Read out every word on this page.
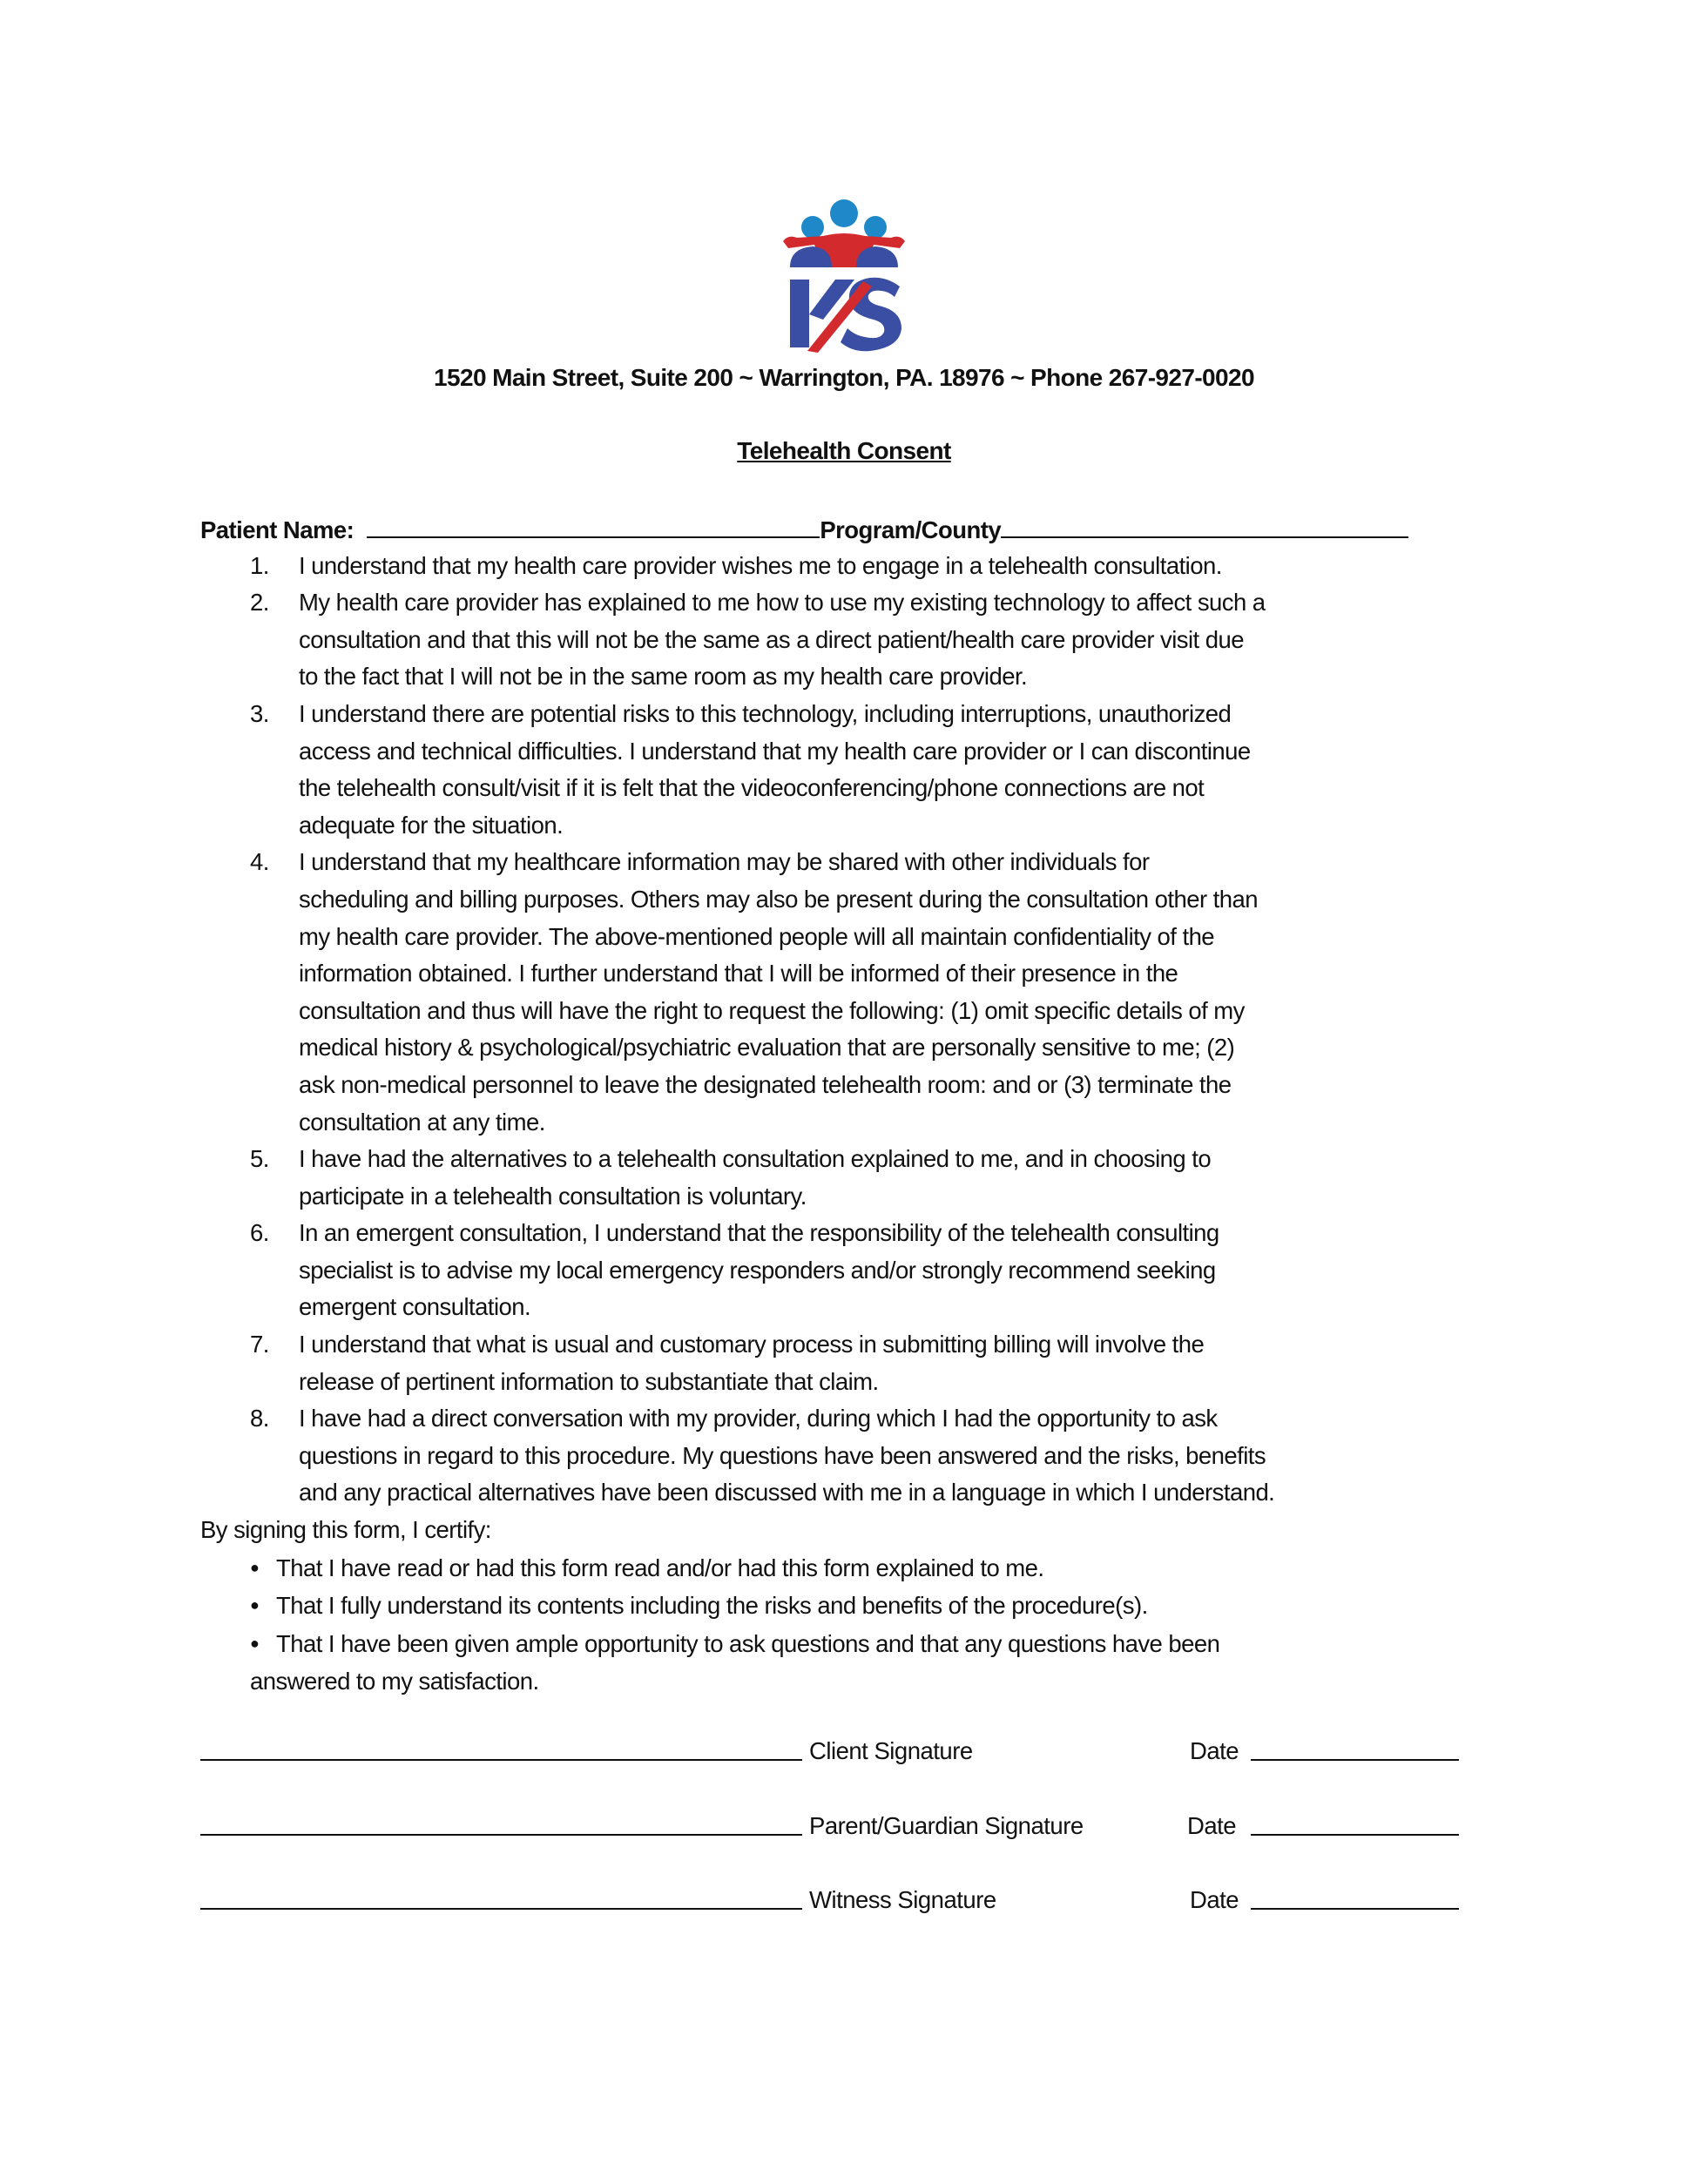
KS
1520 Main Street, Suite 200 ~ Warrington, PA. 18976 ~ Phone 267-927-0020
Telehealth Consent
Patient Name:	Program/County
1. I understand that my health care provider wishes me to engage in a telehealth consultation.
2. My health care provider has explained to me how to use my existing technology to affect such a
consultation and that this will not be the same as a direct patient/health care provider visit due
to the fact that I will not be in the same room as my health care provider.
3. I understand there are potential risks to this technology, including interruptions, unauthorized
access and technical difficulties. I understand that my health care provider or I can discontinue
the telehealth consult/visit if it is felt that the videoconferencing/phone connections are not
adequate for the situation.
4. I understand that my healthcare information may be shared with other individuals for
scheduling and billing purposes. Others may also be present during the consultation other than
my health care provider. The above-mentioned people will all maintain confidentiality of the
information obtained. I further understand that I will be informed of their presence in the
consultation and thus will have the right to request the following: (1) omit specific details of my
medical history & psychological/psychiatric evaluation that are personally sensitive to me; (2)
ask non-medical personnel to leave the designated telehealth room: and or (3) terminate the
consultation at any time.
5. I have had the alternatives to a telehealth consultation explained to me, and in choosing to
participate in a telehealth consultation is voluntary.
6. In an emergent consultation, I understand that the responsibility of the telehealth consulting
specialist is to advise my local emergency responders and/or strongly recommend seeking
emergent consultation.
7. I understand that what is usual and customary process in submitting billing will involve the
release of pertinent information to substantiate that claim.
8. I have had a direct conversation with my provider, during which I had the opportunity to ask
questions in regard to this procedure. My questions have been answered and the risks, benefits
and any practical alternatives have been discussed with me in a language in which I understand.
By signing this form, I certify:
● That I have read or had this form read and/or had this form explained to me.
● That I fully understand its contents including the risks and benefits of the procedure(s).
● That I have been given ample opportunity to ask questions and that any questions have been
answered to my satisfaction.
Client Signature	Date
Parent/Guardian Signature	Date
Witness Signature	Date
